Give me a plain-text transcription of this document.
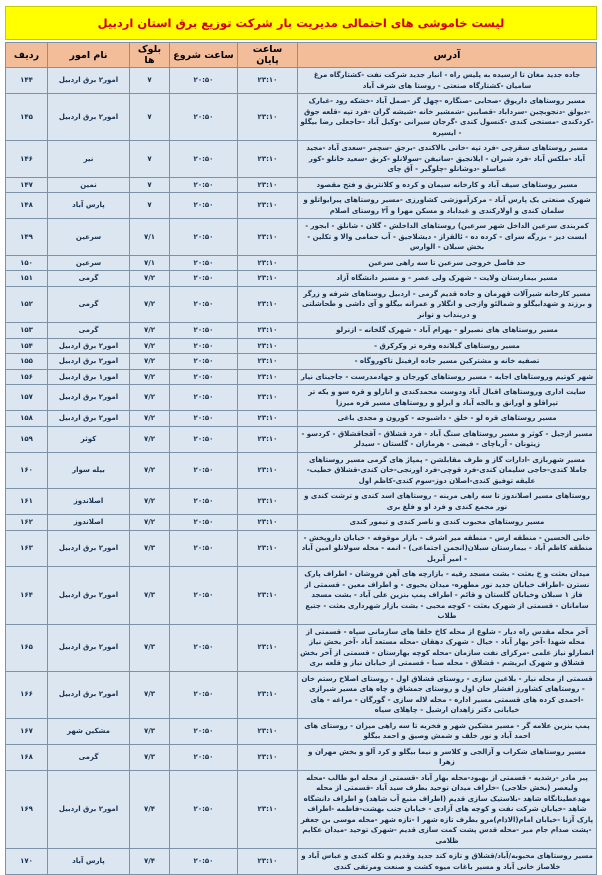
لیست خاموشی های احتمالی مدیریت بار شرکت توزیع برق استان اردبیل
آدرس	ساعت پایان	ساعت شروع	بلوک ها	نام امور	ردیف
جاده جدید مغان تا ارسیده به پلیس راه - انبار جدید شرکت نفت -کشتارگاه مرغ سامیان -کشتارگاه صنعتی - روستا های شرف آباد	۲۳:۱۰	۲۰:۵۰	۷	امور۲ برق اردبیل	۱۴۴
مسیر روستاهای داریوق -صحابی -صنگاره -چهل گز -صمل آباد -خشکه رود -غبارک -دیولق -دنجوبچین -سرداباد -قصابین -شمشیر خانه -شیشه گران -فرد تپه -قلعه جوق -کردکندی -مستجی کندی -کنسول کندی -گرجان سیرانی -وکیل آباد -حاجعلی رضا بیگلو - ایسپره	۲۳:۱۰	۲۰:۵۰	۷	امور۲ برق اردبیل	۱۴۵
مسیر روستاهای سقزچی -فرد تپه -خانی بالاکندی -برجق -سچمر -سعدی آباد -مجید آباد -ملکس آباد -فرد شبران - ایلانجیق -سانیفن -سولانلو -کربق -سعید خانلو -کور عباسلو -دوشانلو -چلوگیر - آق چای	۲۳:۱۰	۲۰:۵۰	۷	نیر	۱۴۶
مسیر روستاهای سیف آباد و کارخانه سیمان و کرده و کلانتریق و فتح مقصود	۲۳:۱۰	۲۰:۵۰	۷	نمین	۱۴۷
شهرک صنعتی یک پارس آباد - مرکزآموزشی کشاورزی -مسیر روستاهای پیرایواتلو و سلمان کندی و اولارکندی و غیداباد و مسکن مهرا و آ۲ روستای اصلام	۲۳:۱۰	۲۰:۵۰	۷	پارس آباد	۱۴۸
کمربندی سرعین الداخل شهر سرعین) روستاهای الداخلش - گلان - شانلق - ابجور - ابست دیز - بزرگه سرای - کرده ده - ئالقراز - دیشلاجیق - آب حمامی والا و تکلین - بخش سبلان - الوارس	۲۳:۱۰	۲۰:۵۰	۷/۱	سرعین	۱۴۹
حد فاصل خروجی سرعین تا سه راهی سرعین	۲۳:۱۰	۲۰:۵۰	۷/۱	سرعین	۱۵۰
مسیر بیمارستان ولایت - شهرک ولی عصر - و مسیر دانشگاه آزاد	۲۳:۱۰	۲۰:۵۰	۷/۲	گرمی	۱۵۱
مسیر کارخانه شیرآلات قهرمان و جاده قدیم گرمی - اردبیل روستاهای شرفه و زرگر و برزند و شهدابیگلو و شمالئو وازجی و انگلار و عمرانه بیگلو و آی داشی و طحاشلتی و دربنداب و توانر	۲۳:۱۰	۲۰:۵۰	۷/۲	گرمی	۱۵۲
مسیر روستاهای های نصیرلو - بهرام آباد - شهرک گلخانه - ازنرلو	۲۳:۱۰	۲۰:۵۰	۷/۲	گرمی	۱۵۳
مسیر روستاهای گیلانده وفره تر وکرکرق -	۲۳:۱۰	۲۰:۵۰	۷/۲	امور۲ برق اردبیل	۱۵۴
تصفیه خانه و مشترکین مسیر جاده ارفینل تاکوروگاه -	۲۳:۱۰	۲۰:۵۰	۷/۲	امور۲ برق اردبیل	۱۵۵
شهر کوتیم وروستاهای اجابه - مسیر روستاهای کورجان و جهادمدرست - جاجینای نیار	۲۳:۱۰	۲۰:۵۰	۷/۲	امور۱ برق اردبیل	۱۵۶
سایت اداری وروستاهای اقبال آباد ودوست محمدکندی و انارلو و قره سو و یکه تر تپراقلو و اورانق و بالجه آباد و ایرلو و روستاهای مسیر قره میرزا	۲۳:۱۰	۲۰:۵۰	۷/۲	امور۲ برق اردبیل	۱۵۷
مسیر روستاهای قره لو - خلق - داشبوجه - کورون و مجدی باغی	۲۳:۱۰	۲۰:۵۰	۷/۲	امور۲ برق اردبیل	۱۵۸
مسیر ازجیل - کوثر و مسیر روستاهای سنگ آباد - فرد قشلاق - آقجاقشلاق - کردسو - زیتونان - آریاچای - فیضی - هرمازان - گلستان - سیدلر	۲۳:۱۰	۲۰:۵۰	۷/۲	کوثر	۱۵۹
مسیر شهربازی -ادارات گاز و طرف مقابلشن - پمپاژ های گرمی مسیر روستاهای جاملا کندی-حاجی سلیمان کندی-فرد قوچی-فرد اورنجی-خان کندی-قشلاق خطیب-علیقه توفیق کندی-اصلان دوز-سوم کندی-کاظم اول	۲۳:۱۰	۲۰:۵۰	۷/۲	بیله سوار	۱۶۰
روستاهای مسیر اصلاندوز تا سه راهی مرینه - روستاهای اسد کندی و ترشت کندی و نور مجمع کندی و فرد او و فلغ بری	۲۳:۱۰	۲۰:۵۰	۷/۲	اصلاندوز	۱۶۱
مسیر روستاهای محبوب کندی و ناصر کندی و تیمور کندی	۲۳:۱۰	۲۰:۵۰	۷/۲	اصلاندوز	۱۶۲
خانی الحسین - منطقه ارس - منطقه میر اشرف - بازار موقوفه - خیابان داروپخش - منطقه کاظم آباد - بیمارستان سبلان(انجمن اجتماعی) - انمه - محله سولانلو امین آباد - امیر آبریل	۲۳:۱۰	۲۰:۵۰	۷/۳	امور۲ برق اردبیل	۱۶۳
میدان بعثت و خ بعثت - بشت مسجد رقیه - بازارچه های آهن فروشان - اطراف پارک نسترن -اطراف خیابان جدید نور مطهره- میدان یحیوی - و اطراف معین - قسمتی از فاز ۱ سبلان وخیابان گلستان و قائم - اطراف پمپ بنزین علی آباد - بشت مسجد سامانان - قسمتی از شهرک بعثت - کوچه محبی - بشت بازار شهرداری بعثت - جتبع طلاب	۲۳:۱۰	۲۰:۵۰	۷/۳	امور۲ برق اردبیل	۱۶۴
آخر محله مقدس راه دیار - شلوع از محله کاخ خلفا های سازمانی سپاه - قسمتی از محله شهدا -آخر بهار آباد - خیال - شهرک دهقان -محله مستعد آباد -آخر بخش نیاز انصارلو نیاز علمی -مرکزای نفت سازمان -محله کوچه بهارستان - قسمتی از آخر بخش قشلاق و شهرک ابریشم - قشلاق - محله صبا - قسمتی از خیابان نیاز و قلعه بری	۲۳:۱۰	۲۰:۵۰	۷/۳	امور۲ برق اردبیل	۱۶۵
قسمتی از محله نیار - بلاغین سازی - روستای قشلاق اول - روستای اصلاح رستم خان - روستاهای کشاورز افشار خان اول و روستای جمشاق و چاه های مسیر شیرازی -احمدی کرده های قسمتی مسیر اداره - محله لاله سازی - گورگان - مراغه - های خیابانی دکتر زاهدان ارشیل - چاهلای سیاه	۲۳:۱۰	۲۰:۵۰	۷/۳	امور۲ برق اردبیل	۱۶۶
پمپ بنزین علامه گر - مسیر مشکین شهر و فخریه تا سه راهی میزان - روستای های احمد آباد و نور خلف و شمش وصیق و احمد بیگلو	۲۳:۱۰	۲۰:۵۰	۷/۳	مشکین شهر	۱۶۷
مسیر روستاهای شکراب و آزالجی و کلاسر و نیما بیگلو و کرد آلو و بخش مهران و زهرا	۲۳:۱۰	۲۰:۵۰	۷/۳	گرمی	۱۶۸
پیر مادر -رشدیه - قسمتی از بهبود-محله بهار آباد -قسمتی از محله ابو طالب -محله ولیعصر (بخش حلاجی) -خلراف میدان توحید بطرف سید آباد -قسمتی از محله مهدعطینانگاه شاهد -بلاستیک سازی قدیم (اطراف منبع آب شاهد) و اطراف دانشگاه شاهد -خیابان شرکت نفت و کوچه های آزادی - خیابان جنب بهشت-فاظمه -اطراف پارک آزنا -خیابان امام(الاذام)مرو بطرف تازه شهر ا -تازه شهر -محله موسی بن جعفر -پشت صدام جام میر -محله قدس پشت کمت سازی قدیم -شهرک توحید -میدان عکایم ظلامی	۲۳:۱۰	۲۰:۵۰	۷/۴	امور۲ برق اردبیل	۱۶۹
مسیر روستاهای محبوبه/آباد/قشلاق و تازه کند جدید وقدیم و تکله کندی و عباس آباد و خلاصاز خانی آباد و مسیر باغات میوه کشت و صنعت ومرتفی کندی	۲۳:۱۰	۲۰:۵۰	۷/۴	پارس آباد	۱۷۰
